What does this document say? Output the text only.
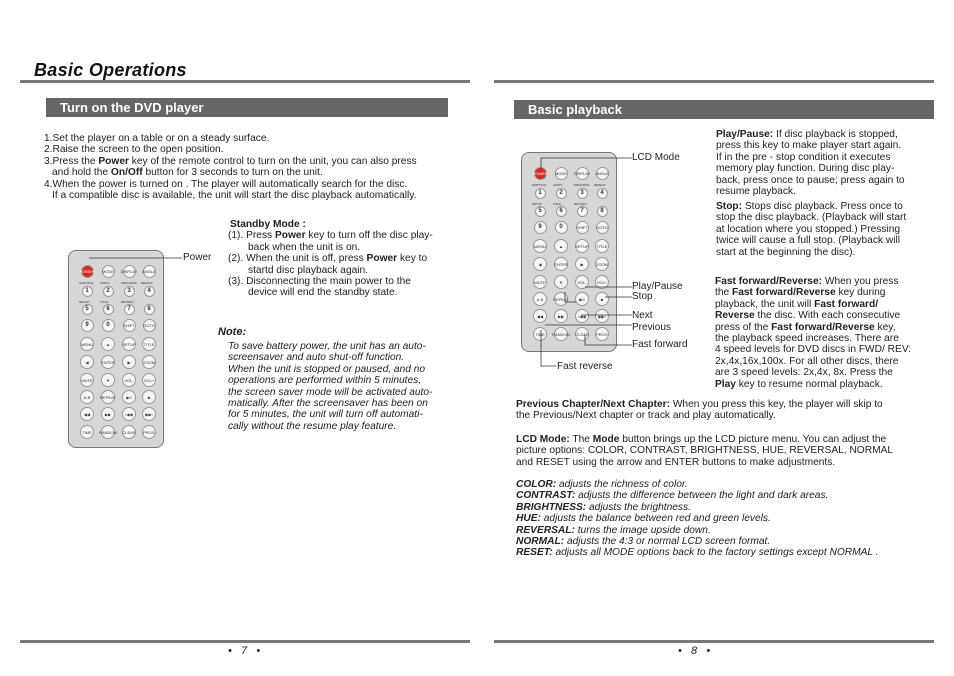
Basic Operations
Turn on the DVD player

1.Set the player on a table or on a steady surface.

2.Raise the screen to the open position.

3.Press the Power key of the remote control to turn on the unit, you can also press

and hold the On/Off button for 3 seconds to turn on the unit.

4.When the power is turned on . The player will automatically search for the disc.

If a compatible disc is available, the unit will start the disc playback automatically.

POWER MODE DISPLAY ANGLE
SUBTITLE AUDIO	PROGRAM REPEAT
1	2	3	4
SETUP	TITLE	RETURN
5	6	7	8
9	0	SHIFT GOTO
MENU	▲	SETUP	TITLE
◀	ENTER	▶	ZOOM
MUTE	▼	VOL-	VOL+
A-B	REPEAT	▶II	■
◀◀	▶▶	I◀◀	▶▶I
TIME	RANDOM CLEAR PROG
Power

Standby Mode :

(1). Press Power key to turn off the disc play-

back when the unit is on.

(2). When the unit is off, press Power key to

startd disc playback again.

(3). Disconnecting the main power to the

device will end the standby state.

Note:

To save battery power, the unit has an auto-

screensaver and auto shut-off function.

When the unit is stopped or paused, and no

operations are performed within 5 minutes,

the screen saver mode will be activated auto-

matically. After the screensaver has been on

for 5 minutes, the unit will turn off automati-

cally without the resume play feature.

Basic playback
POWER MODE DISPLAY ANGLE
SUBTITLE AUDIO	PROGRAM REPEAT
1	2	3	4
SETUP	TITLE	RETURN
5	6	7	8
9	0	SHIFT GOTO
MENU	▲	SETUP	TITLE
◀	ENTER	▶	ZOOM
MUTE	▼	VOL-	VOL+
A-B	REPEAT	▶II	■
◀◀	▶▶	I◀◀	▶▶I
TIME	RANDOM CLEAR PROG
LCD Mode
Play/Pause
Stop
Next
Previous
Fast forward
Fast reverse

Play/Pause: If disc playback is stopped,

press this key to make player start again.

If in the pre - stop condition it executes

memory play function. During disc play-

back, press once to pause; press again to

resume playback.

Stop: Stops disc playback. Press once to

stop the disc playback. (Playback will start

at location where you stopped.) Pressing

twice will cause a full stop. (Playback will

start at the beginning the disc).

Fast forward/Reverse: When you press

the Fast forward/Reverse key during

playback, the unit will Fast forward/

Reverse the disc. With each consecutive

press of the Fast forward/Reverse key,

the playback speed increases. There are

4 speed levels for DVD discs in FWD/ REV:

2x,4x,16x,100x. For all other discs, there

are 3 speed levels: 2x,4x, 8x. Press the

Play key to resume normal playback.

Previous Chapter/Next Chapter: When you press this key, the player will skip to

the Previous/Next chapter or track and play automatically.

LCD Mode: The Mode button brings up the LCD picture menu. You can adjust the

picture options: COLOR, CONTRAST, BRIGHTNESS, HUE, REVERSAL, NORMAL

and RESET using the arrow and ENTER buttons to make adjustments.

COLOR: adjusts the richness of color.

CONTRAST: adjusts the difference between the light and dark areas.

BRIGHTNESS: adjusts the brightness.

HUE: adjusts the balance between red and green levels.

REVERSAL: turns the image upside down.

NORMAL: adjusts the 4:3 or normal LCD screen format.

RESET: adjusts all MODE options back to the factory settings except NORMAL .

•   7   •	•   8   •
